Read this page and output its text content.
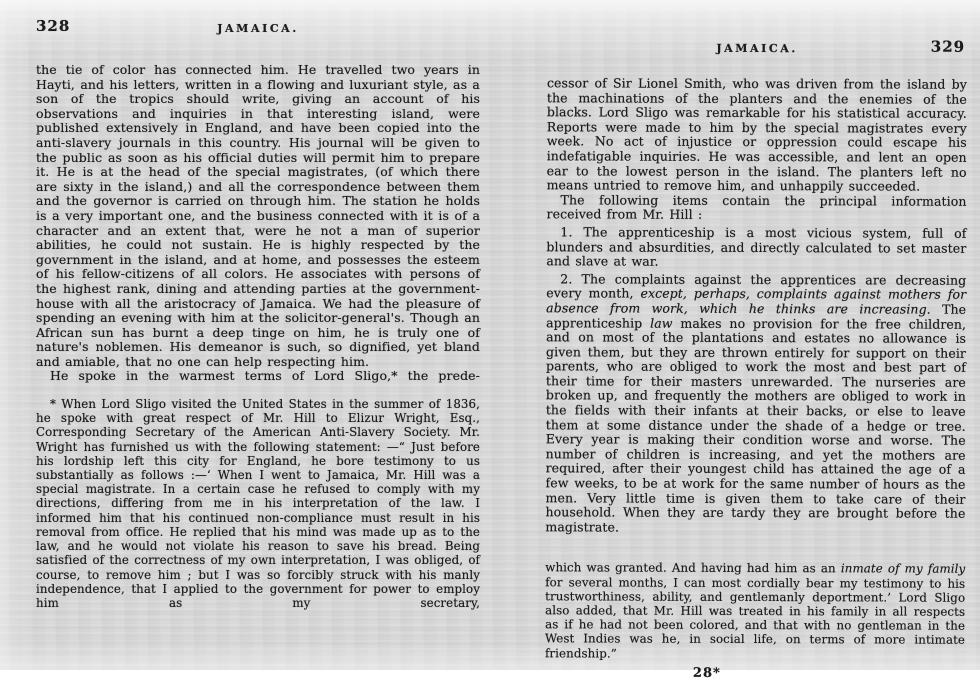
328	JAMAICA.

the tie of color has connected him. He travelled two years in Hayti, and his letters, written in a flowing and luxuriant style, as a son of the tropics should write, giving an account of his observations and inquiries in that interesting island, were published extensively in England, and have been copied into the anti-slavery journals in this country. His journal will be given to the public as soon as his official duties will permit him to prepare it. He is at the head of the special magistrates, (of which there are sixty in the island,) and all the correspondence between them and the governor is carried on through him. The station he holds is a very important one, and the business connected with it is of a character and an extent that, were he not a man of superior abilities, he could not sustain. He is highly respected by the government in the island, and at home, and possesses the esteem of his fellow-citizens of all colors. He associates with persons of the highest rank, dining and attending parties at the government-house with all the aristocracy of Jamaica. We had the pleasure of spending an evening with him at the solicitor-general's. Though an African sun has burnt a deep tinge on him, he is truly one of nature's noblemen. His demeanor is such, so dignified, yet bland and amiable, that no one can help respecting him.

He spoke in the warmest terms of Lord Sligo,* the prede-

* When Lord Sligo visited the United States in the summer of 1836, he spoke with great respect of Mr. Hill to Elizur Wright, Esq., Corresponding Secretary of the American Anti-Slavery Society. Mr. Wright has furnished us with the following statement: —“ Just before his lordship left this city for England, he bore testimony to us substantially as follows :—‘ When I went to Jamaica, Mr. Hill was a special magistrate. In a certain case he refused to comply with my directions, differing from me in his interpretation of the law. I informed him that his continued non-compliance must result in his removal from office. He replied that his mind was made up as to the law, and he would not violate his reason to save his bread. Being satisfied of the correctness of my own interpretation, I was obliged, of course, to remove him ; but I was so forcibly struck with his manly independence, that I applied to the government for power to employ him as my secretary,

JAMAICA.	329

cessor of Sir Lionel Smith, who was driven from the island by the machinations of the planters and the enemies of the blacks. Lord Sligo was remarkable for his statistical accuracy. Reports were made to him by the special magistrates every week. No act of injustice or oppression could escape his indefatigable inquiries. He was accessible, and lent an open ear to the lowest person in the island. The planters left no means untried to remove him, and unhappily succeeded.

The following items contain the principal information received from Mr. Hill :

1. The apprenticeship is a most vicious system, full of blunders and absurdities, and directly calculated to set master and slave at war.

2. The complaints against the apprentices are decreasing every month, except, perhaps, complaints against mothers for absence from work, which he thinks are increasing. The apprenticeship law makes no provision for the free children, and on most of the plantations and estates no allowance is given them, but they are thrown entirely for support on their parents, who are obliged to work the most and best part of their time for their masters unrewarded. The nurseries are broken up, and frequently the mothers are obliged to work in the fields with their infants at their backs, or else to leave them at some distance under the shade of a hedge or tree. Every year is making their condition worse and worse. The number of children is increasing, and yet the mothers are required, after their youngest child has attained the age of a few weeks, to be at work for the same number of hours as the men. Very little time is given them to take care of their household. When they are tardy they are brought before the magistrate.

which was granted. And having had him as an inmate of my family for several months, I can most cordially bear my testimony to his trustworthiness, ability, and gentlemanly deportment.’ Lord Sligo also added, that Mr. Hill was treated in his family in all respects as if he had not been colored, and that with no gentleman in the West Indies was he, in social life, on terms of more intimate friendship.”

28*
